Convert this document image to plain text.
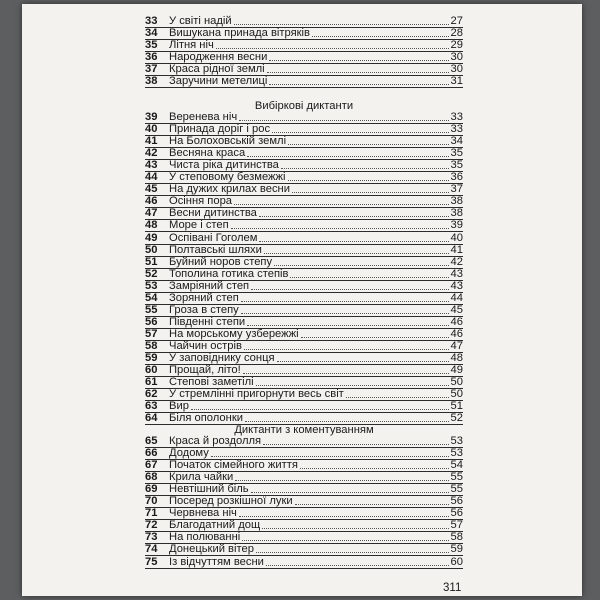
33	У світі надій	27
34	Вишукана принада вітряків	28
35	Літня ніч	29
36	Народження весни	30
37	Краса рідної землі	30
38	Заручини метелиці	31
Вибіркові диктанти
39	Веренева ніч	33
40	Принада доріг і рос	33
41	На Болоховській землі	34
42	Весняна краса	35
43	Чиста ріка дитинства	35
44	У степовому безмежжі	36
45	На дужих крилах весни	37
46	Осіння пора	38
47	Весни дитинства	38
48	Море і степ	39
49	Оспівані Гоголем	40
50	Полтавські шляхи	41
51	Буйний норов степу	42
52	Тополина готика степів	43
53	Замріяний степ	43
54	Зоряний степ	44
55	Гроза в степу	45
56	Південні степи	46
57	На морському узбережжі	46
58	Чайчин острів	47
59	У заповіднику сонця	48
60	Прощай, літо!	49
61	Степові заметілі	50
62	У стремлінні пригорнути весь світ	50
63	Вир	51
64	Біля ополонки	52
Диктанти з коментуванням
65	Краса й роздолля	53
66	Додому	53
67	Початок сімейного життя	54
68	Крила чайки	55
69	Невтішний біль	55
70	Посеред розкішної луки	56
71	Червнева ніч	56
72	Благодатний дощ	57
73	На полюванні	58
74	Донецький вітер	59
75	Із відчуттям весни	60
311
